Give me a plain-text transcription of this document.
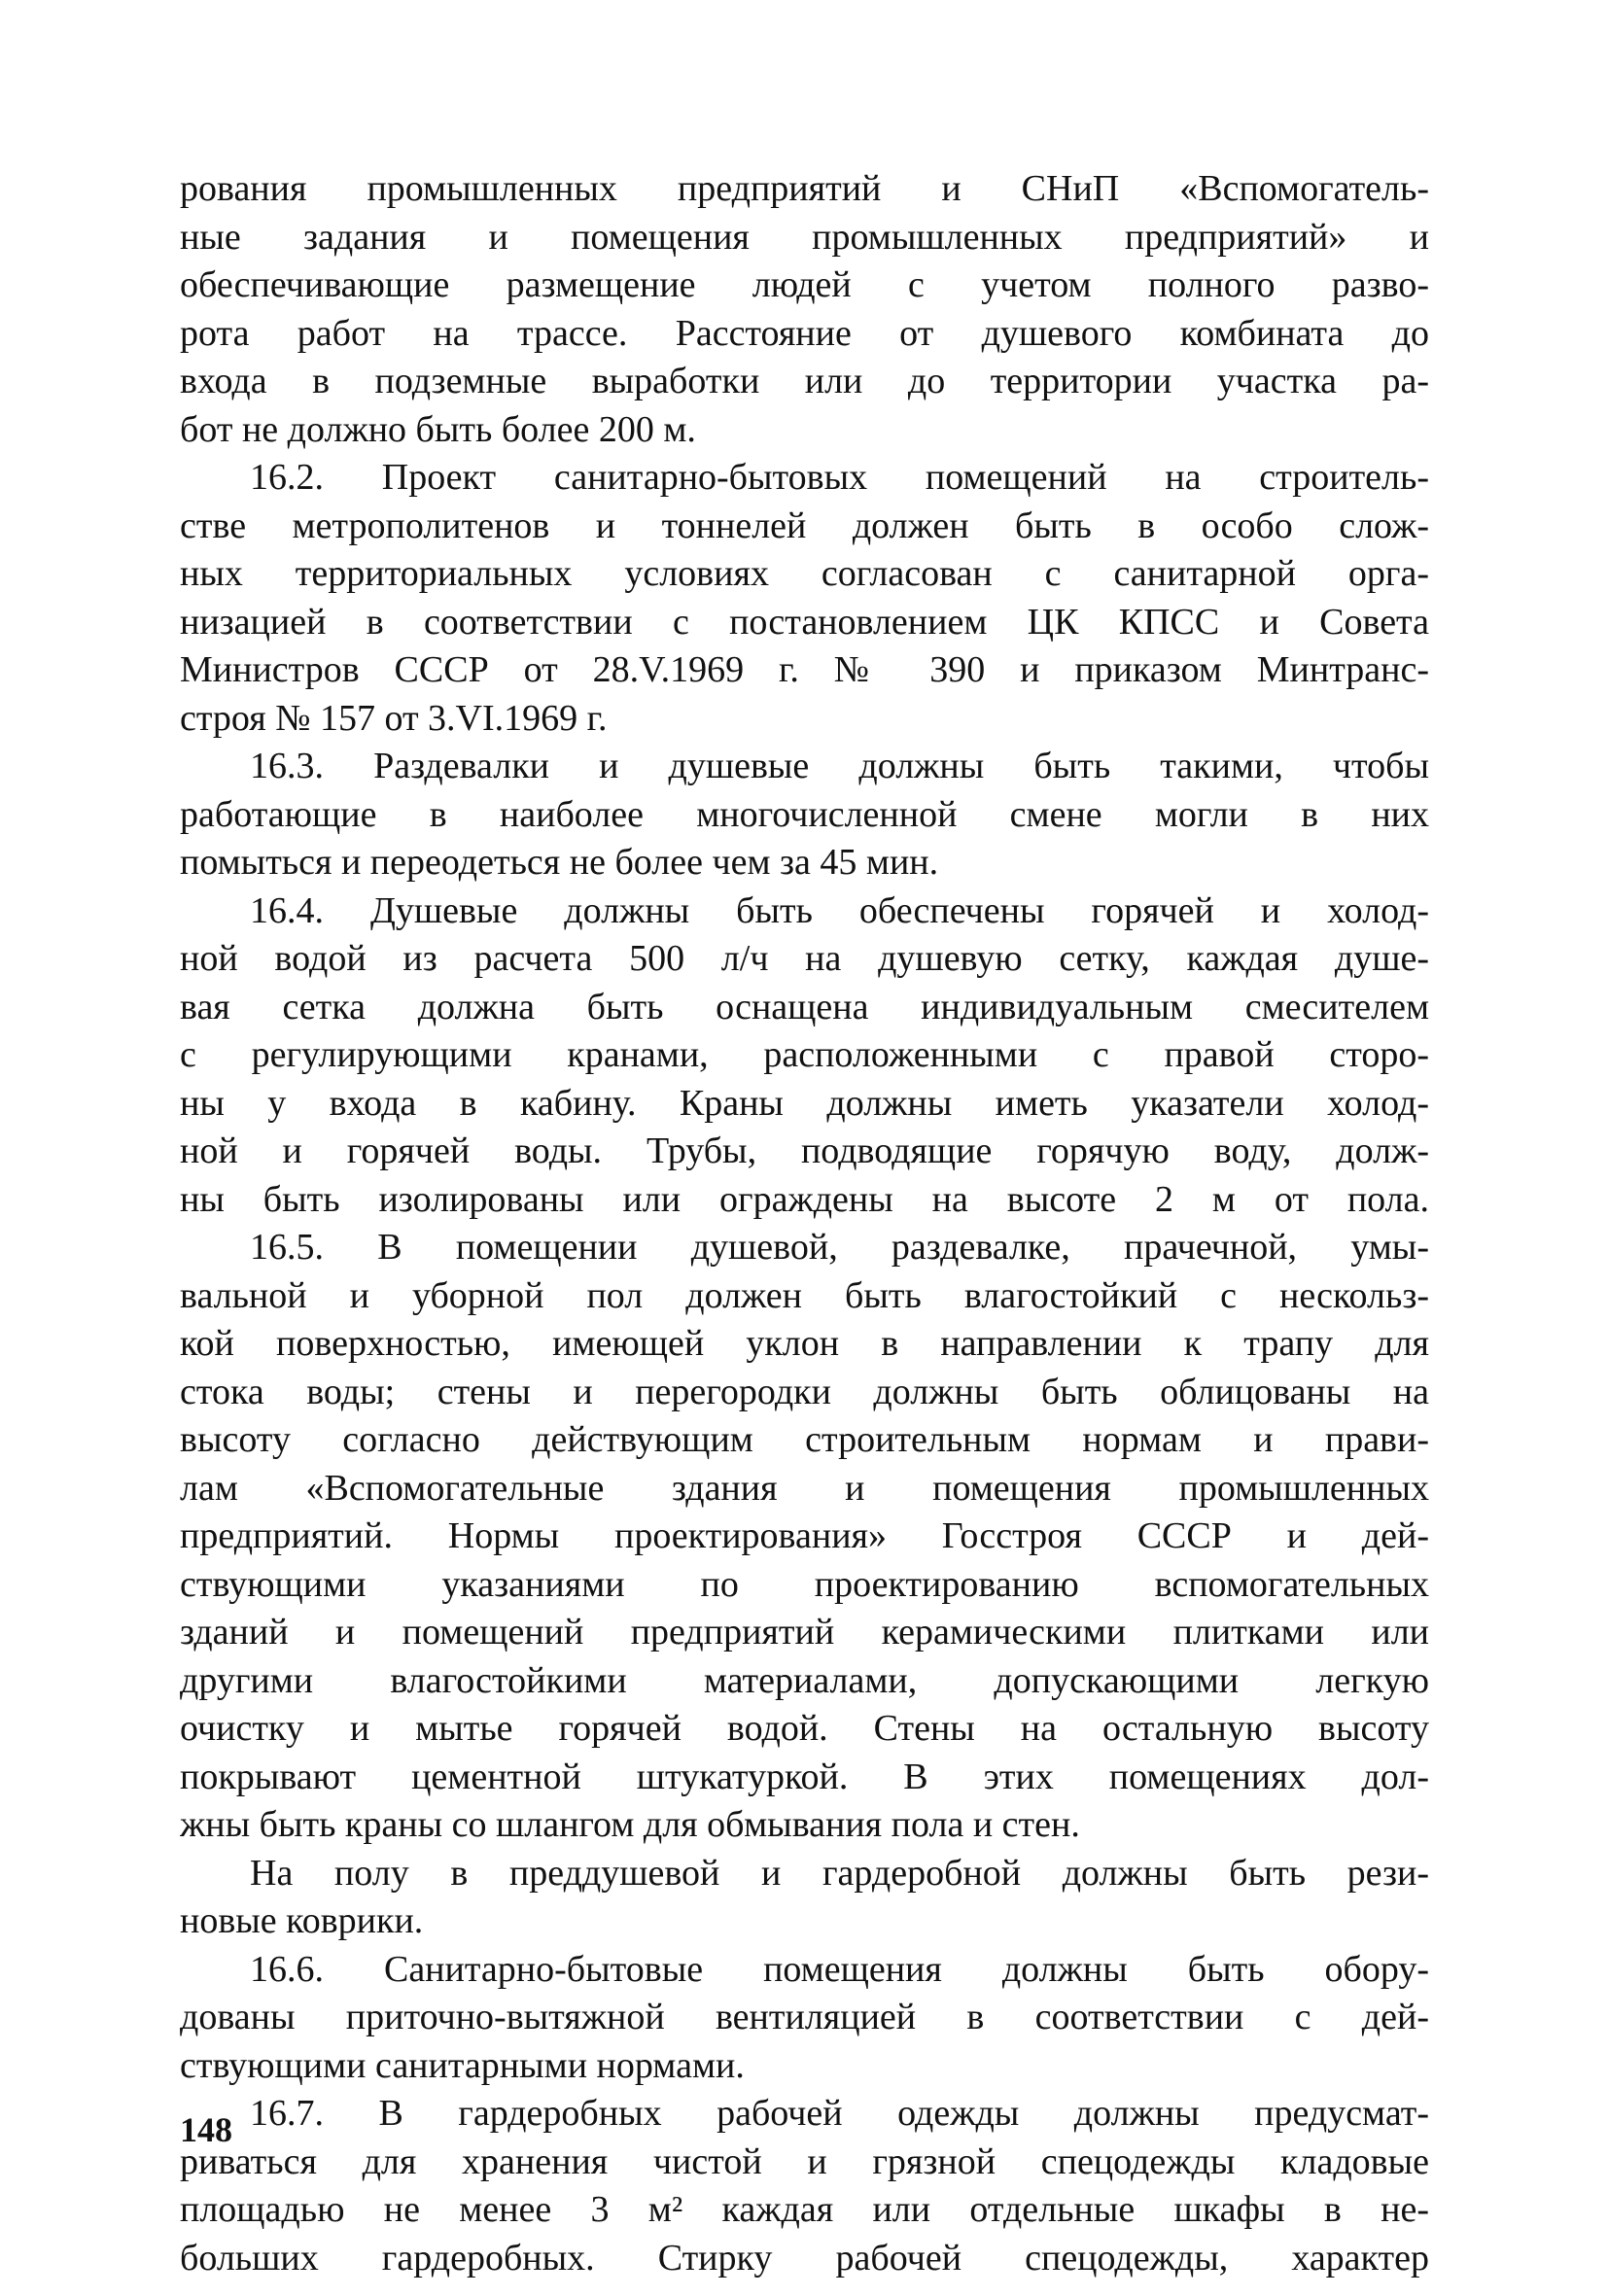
рования промышленных предприятий и СНиП «Вспомогатель-
ные задания и помещения промышленных предприятий» и
обеспечивающие размещение людей с учетом полного разво-
рота работ на трассе. Расстояние от душевого комбината до
входа в подземные выработки или до территории участка ра-
бот не должно быть более 200 м.
16.2. Проект санитарно-бытовых помещений на строитель-
стве метрополитенов и тоннелей должен быть в особо слож-
ных территориальных условиях согласован с санитарной орга-
низацией в соответствии с постановлением ЦК КПСС и Совета
Министров СССР от 28.V.1969 г. № 390 и приказом Минтранс-
строя № 157 от 3.VI.1969 г.
16.3. Раздевалки и душевые должны быть такими, чтобы
работающие в наиболее многочисленной смене могли в них
помыться и переодеться не более чем за 45 мин.
16.4. Душевые должны быть обеспечены горячей и холод-
ной водой из расчета 500 л/ч на душевую сетку, каждая душе-
вая сетка должна быть оснащена индивидуальным смесителем
с регулирующими кранами, расположенными с правой сторо-
ны у входа в кабину. Краны должны иметь указатели холод-
ной и горячей воды. Трубы, подводящие горячую воду, долж-
ны быть изолированы или ограждены на высоте 2 м от пола.
16.5. В помещении душевой, раздевалке, прачечной, умы-
вальной и уборной пол должен быть влагостойкий с нескольз-
кой поверхностью, имеющей уклон в направлении к трапу для
стока воды; стены и перегородки должны быть облицованы на
высоту согласно действующим строительным нормам и прави-
лам «Вспомогательные здания и помещения промышленных
предприятий. Нормы проектирования» Госстроя СССР и дей-
ствующими указаниями по проектированию вспомогательных
зданий и помещений предприятий керамическими плитками или
другими влагостойкими материалами, допускающими легкую
очистку и мытье горячей водой. Стены на остальную высоту
покрывают цементной штукатуркой. В этих помещениях дол-
жны быть краны со шлангом для обмывания пола и стен.
На полу в преддушевой и гардеробной должны быть рези-
новые коврики.
16.6. Санитарно-бытовые помещения должны быть обору-
дованы приточно-вытяжной вентиляцией в соответствии с дей-
ствующими санитарными нормами.
16.7. В гардеробных рабочей одежды должны предусмат-
риваться для хранения чистой и грязной спецодежды кладовые
площадью не менее 3 м² каждая или отдельные шкафы в не-
больших гардеробных. Стирку рабочей спецодежды, характер
148
